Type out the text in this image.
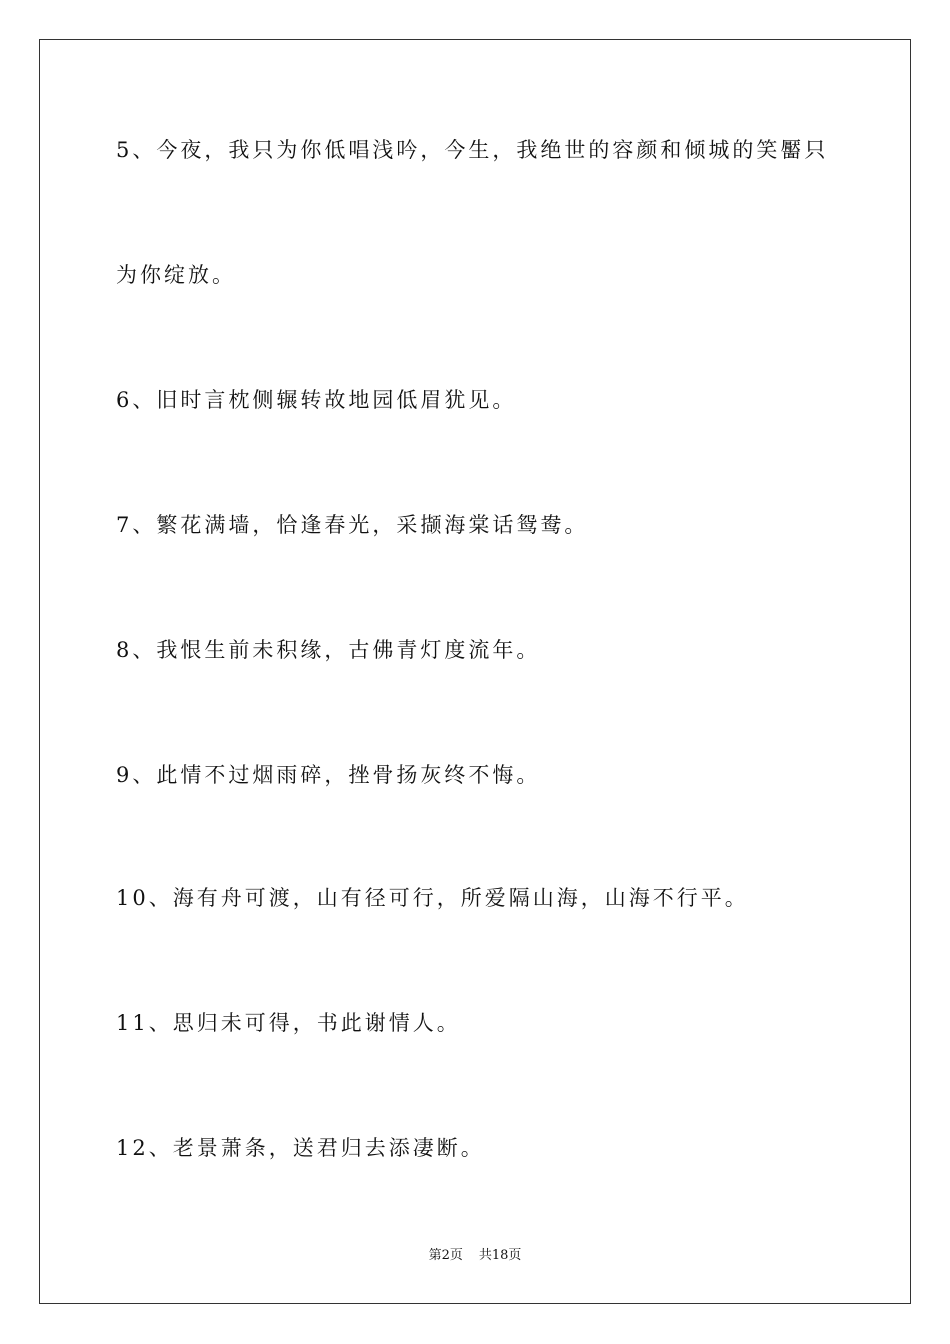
5、今夜，我只为你低唱浅吟，今生，我绝世的容颜和倾城的笑靨只
为你绽放。
6、旧时言枕侧辗转故地园低眉犹见。
7、繁花满墙，恰逢春光，采撷海棠话鸳鸯。
8、我恨生前未积缘，古佛青灯度流年。
9、此情不过烟雨碎，挫骨扬灰终不悔。
10、海有舟可渡，山有径可行，所爱隔山海，山海不行平。
11、思归未可得，书此谢情人。
12、老景萧条，送君归去添凄断。
第2页 共18页
